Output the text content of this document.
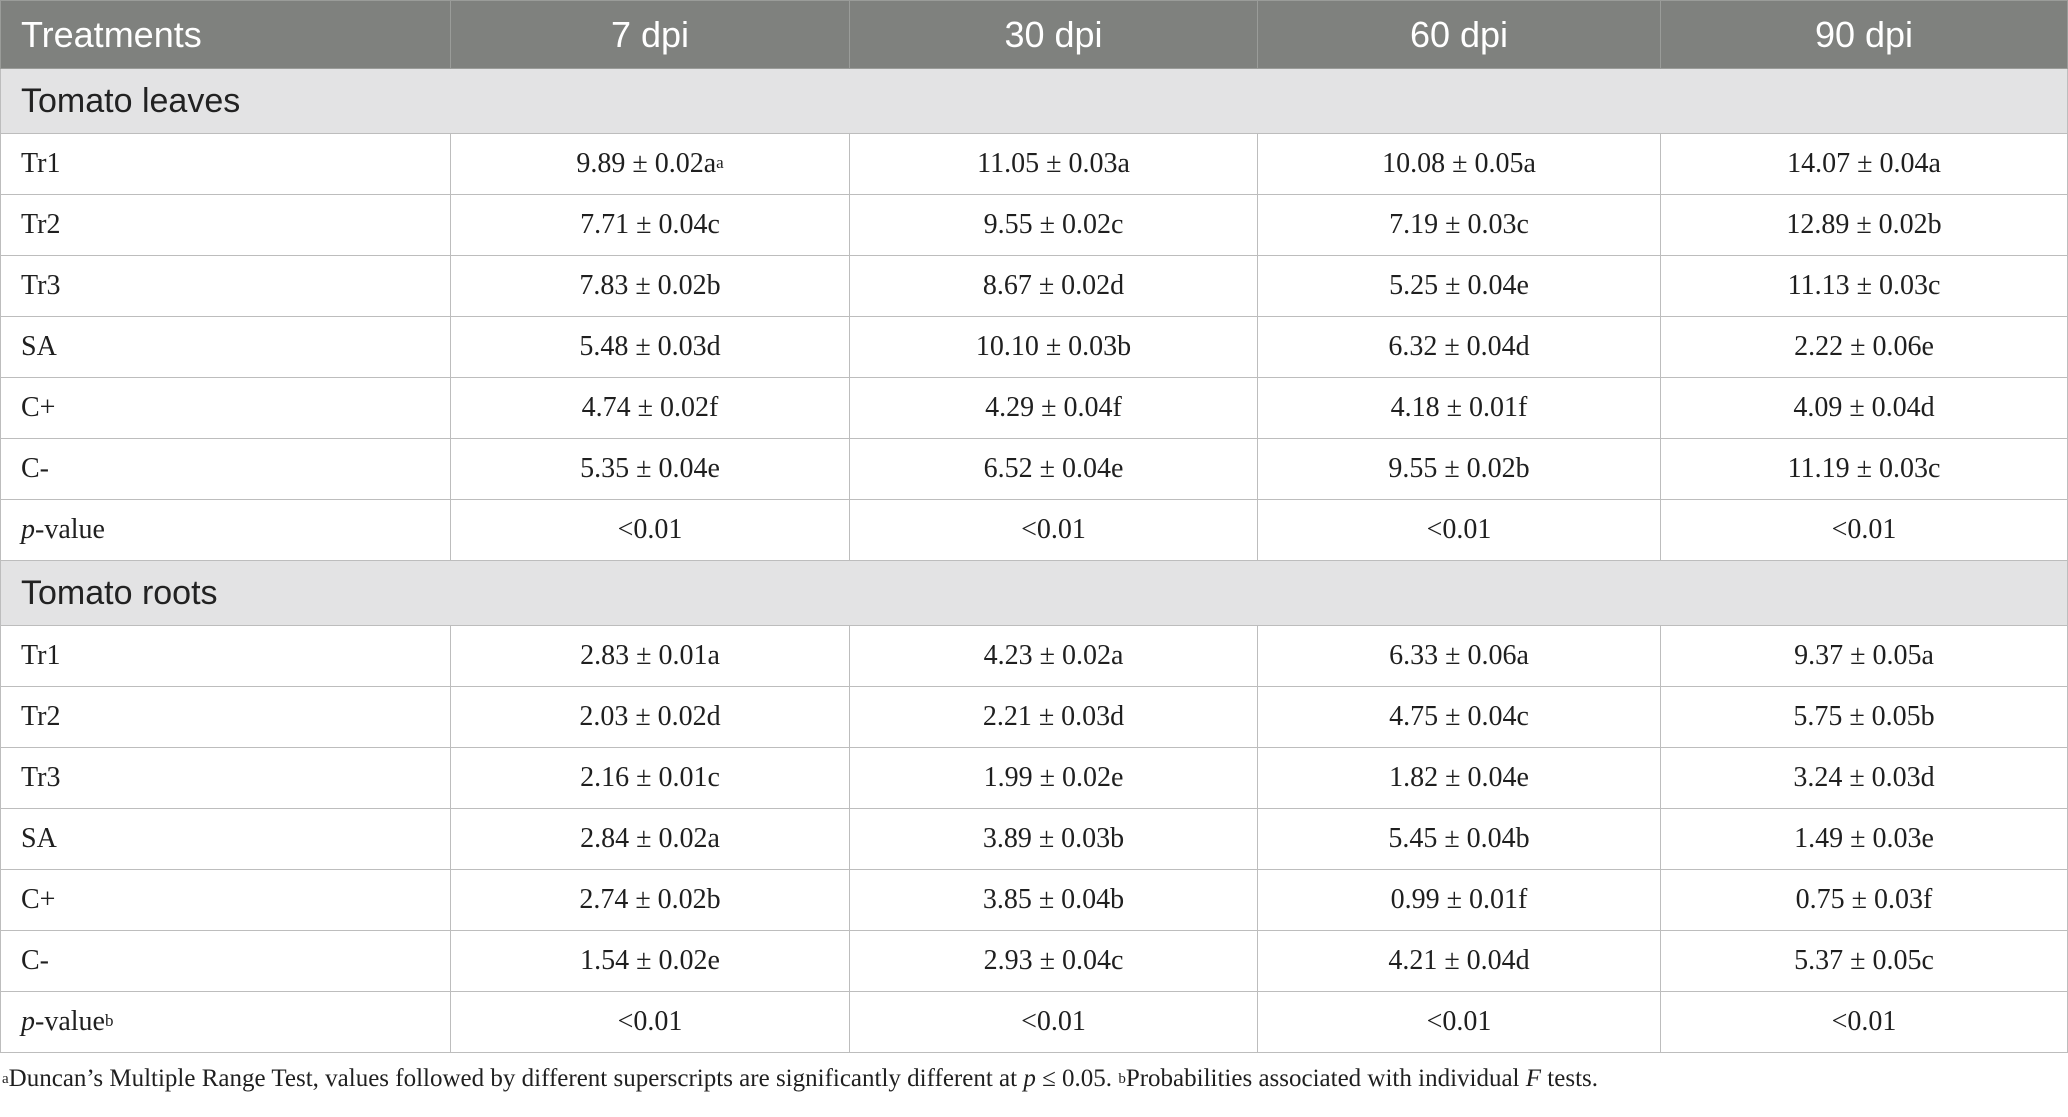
Treatments	7 dpi	30 dpi	60 dpi	90 dpi
Tomato leaves				
Tr1	$9.89 \pm 0.02a^a$	11.05 ± 0.03a	10.08 ± 0.05a	14.07 ± 0.04a
Tr2	7.71 ± 0.04c	9.55 ± 0.02c	7.19 ± 0.03c	12.89 ± 0.02b
Tr3	7.83 ± 0.02b	8.67 ± 0.02d	5.25 ± 0.04e	11.13 ± 0.03c
SA	5.48 ± 0.03d	10.10 ± 0.03b	6.32 ± 0.04d	2.22 ± 0.06e
C+	4.74 ± 0.02f	4.29 ± 0.04f	4.18 ± 0.01f	4.09 ± 0.04d
C-	5.35 ± 0.04e	6.52 ± 0.04e	9.55 ± 0.02b	11.19 ± 0.03c
p-value	<0.01	<0.01	<0.01	<0.01
Tomato roots				
Tr1	2.83 ± 0.01a	4.23 ± 0.02a	6.33 ± 0.06a	9.37 ± 0.05a
Tr2	2.03 ± 0.02d	2.21 ± 0.03d	4.75 ± 0.04c	5.75 ± 0.05b
Tr3	2.16 ± 0.01c	1.99 ± 0.02e	1.82 ± 0.04e	3.24 ± 0.03d
SA	2.84 ± 0.02a	3.89 ± 0.03b	5.45 ± 0.04b	1.49 ± 0.03e
C+	2.74 ± 0.02b	3.85 ± 0.04b	0.99 ± 0.01f	0.75 ± 0.03f
C-	1.54 ± 0.02e	2.93 ± 0.04c	4.21 ± 0.04d	5.37 ± 0.05c
p-value$^b$	<0.01	<0.01	<0.01	<0.01
$^a$Duncan’s Multiple Range Test, values followed by different superscripts are significantly different at p ≤ 0.05. $^b$Probabilities associated with individual F tests.
